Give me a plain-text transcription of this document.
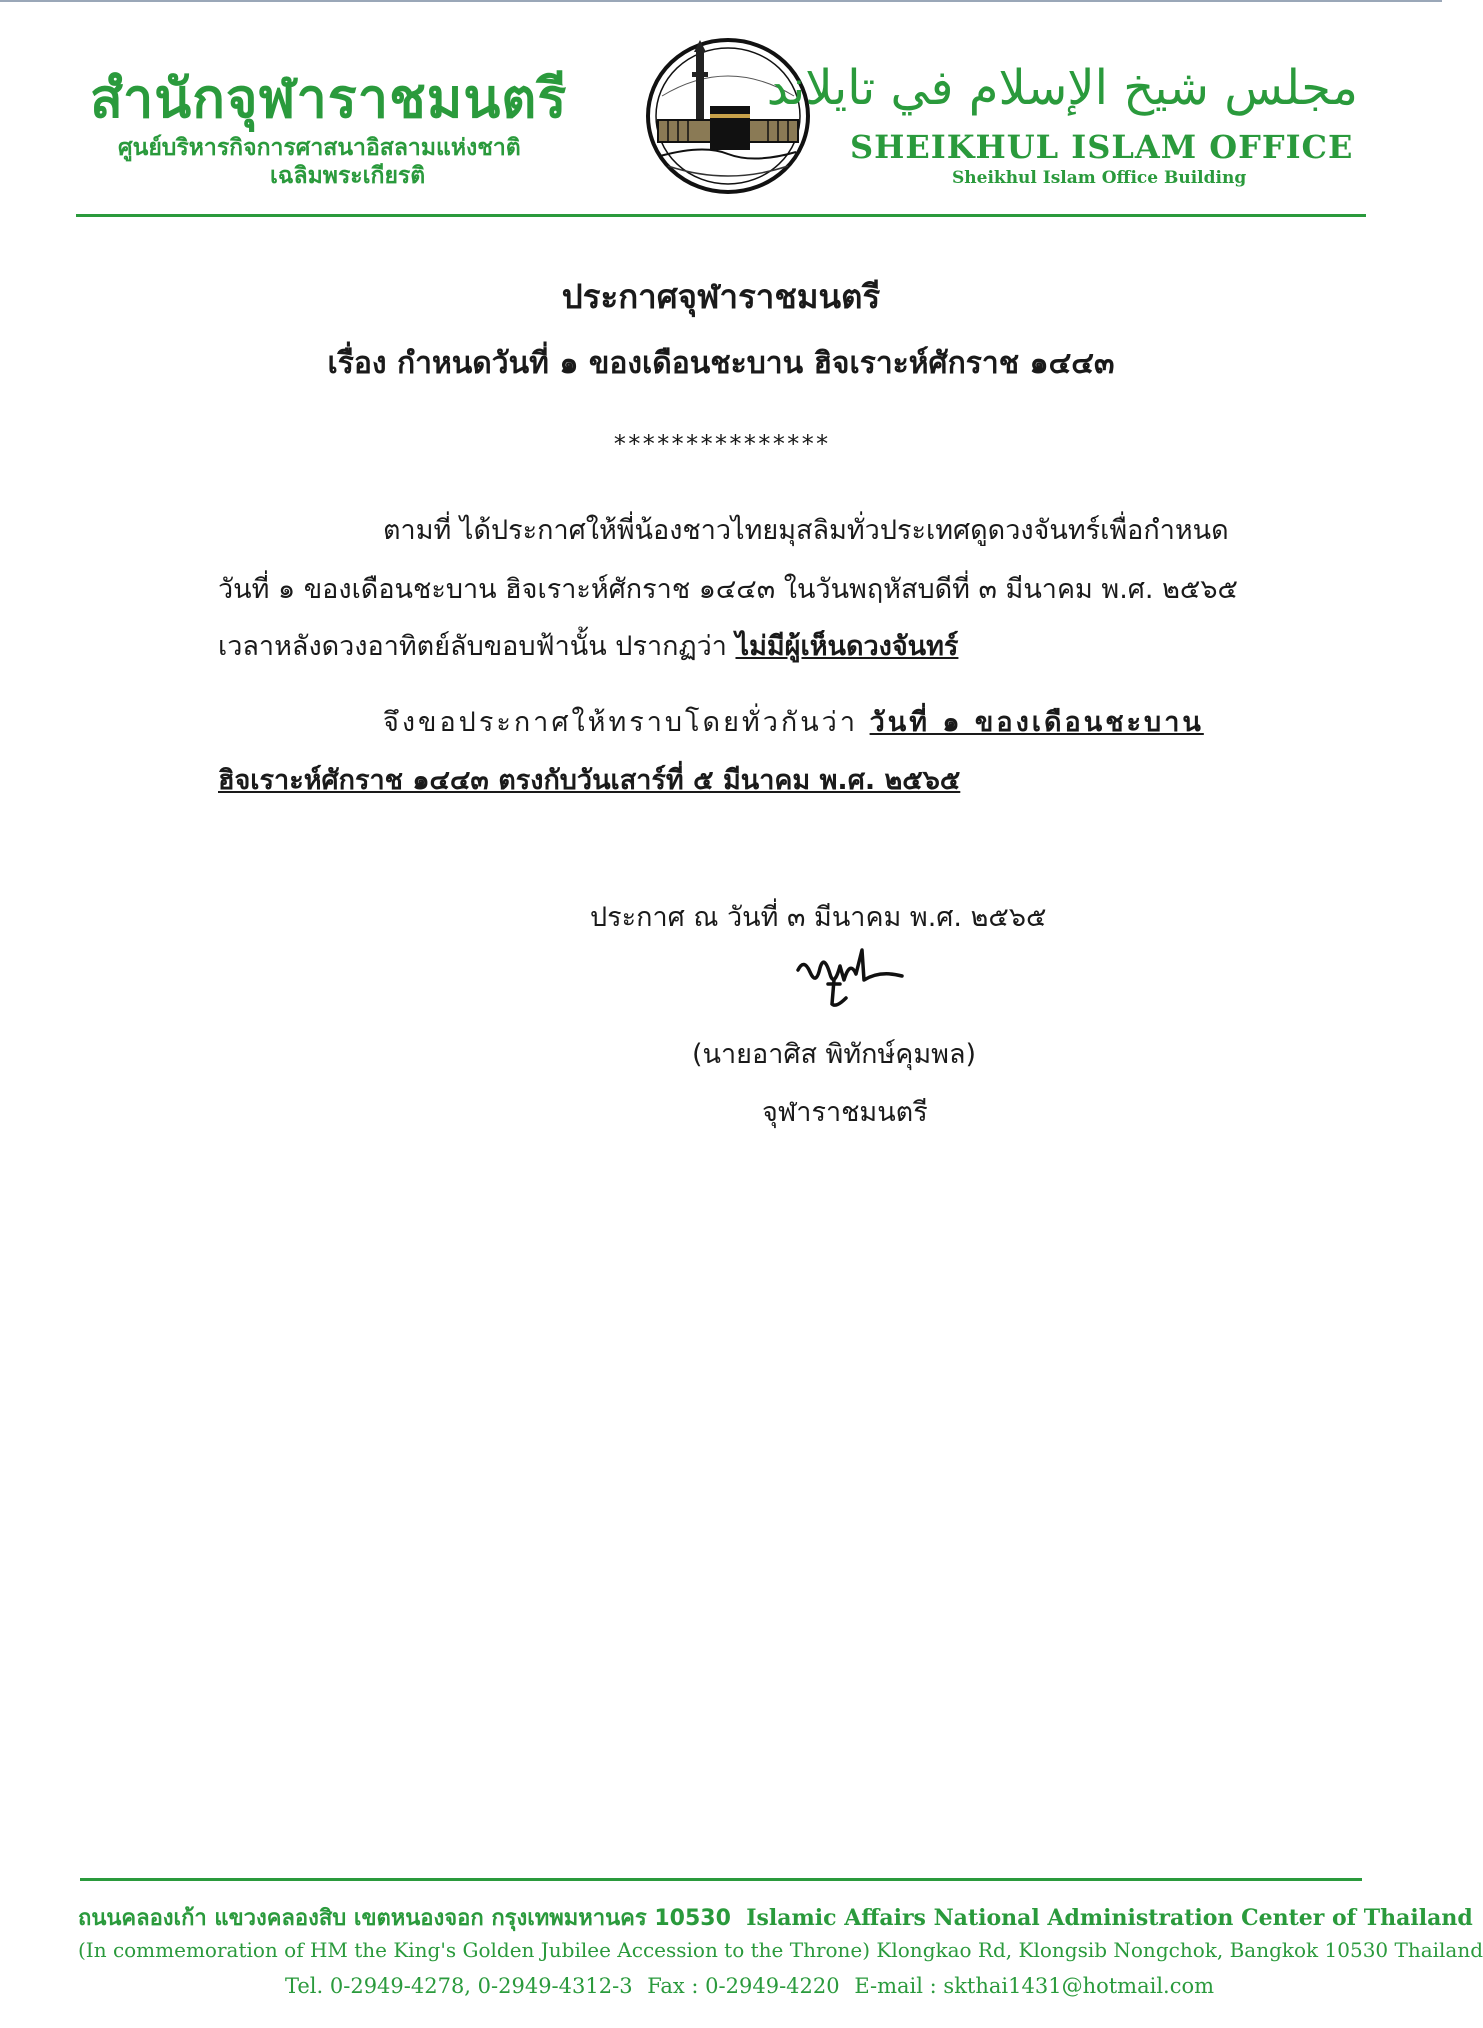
สำนักจุฬาราชมนตรี
ศูนย์บริหารกิจการศาสนาอิสลามแห่งชาติ
เฉลิมพระเกียรติ
مجلس شيخ الإسلام في تايلاند
SHEIKHUL ISLAM OFFICE
Sheikhul Islam Office Building
ประกาศจุฬาราชมนตรี
เรื่อง กำหนดวันที่ ๑ ของเดือนชะบาน ฮิจเราะห์ศักราช ๑๔๔๓
***************
ตามที่ ได้ประกาศให้พี่น้องชาวไทยมุสลิมทั่วประเทศดูดวงจันทร์เพื่อกำหนด
วันที่ ๑ ของเดือนชะบาน ฮิจเราะห์ศักราช ๑๔๔๓ ในวันพฤหัสบดีที่ ๓ มีนาคม พ.ศ. ๒๕๖๕
เวลาหลังดวงอาทิตย์ลับขอบฟ้านั้น ปรากฏว่า ไม่มีผู้เห็นดวงจันทร์
จึงขอประกาศให้ทราบโดยทั่วกันว่า วันที่ ๑ ของเดือนชะบาน
ฮิจเราะห์ศักราช ๑๔๔๓ ตรงกับวันเสาร์ที่ ๕ มีนาคม พ.ศ. ๒๕๖๕
ประกาศ ณ วันที่ ๓ มีนาคม พ.ศ. ๒๕๖๕
(นายอาศิส พิทักษ์คุมพล)
จุฬาราชมนตรี
ถนนคลองเก้า แขวงคลองสิบ เขตหนองจอก กรุงเทพมหานคร 10530 Islamic Affairs National Administration Center of Thailand
(In commemoration of HM the King's Golden Jubilee Accession to the Throne) Klongkao Rd, Klongsib Nongchok, Bangkok 10530 Thailand
Tel. 0-2949-4278, 0-2949-4312-3 Fax : 0-2949-4220 E-mail : skthai1431@hotmail.com
